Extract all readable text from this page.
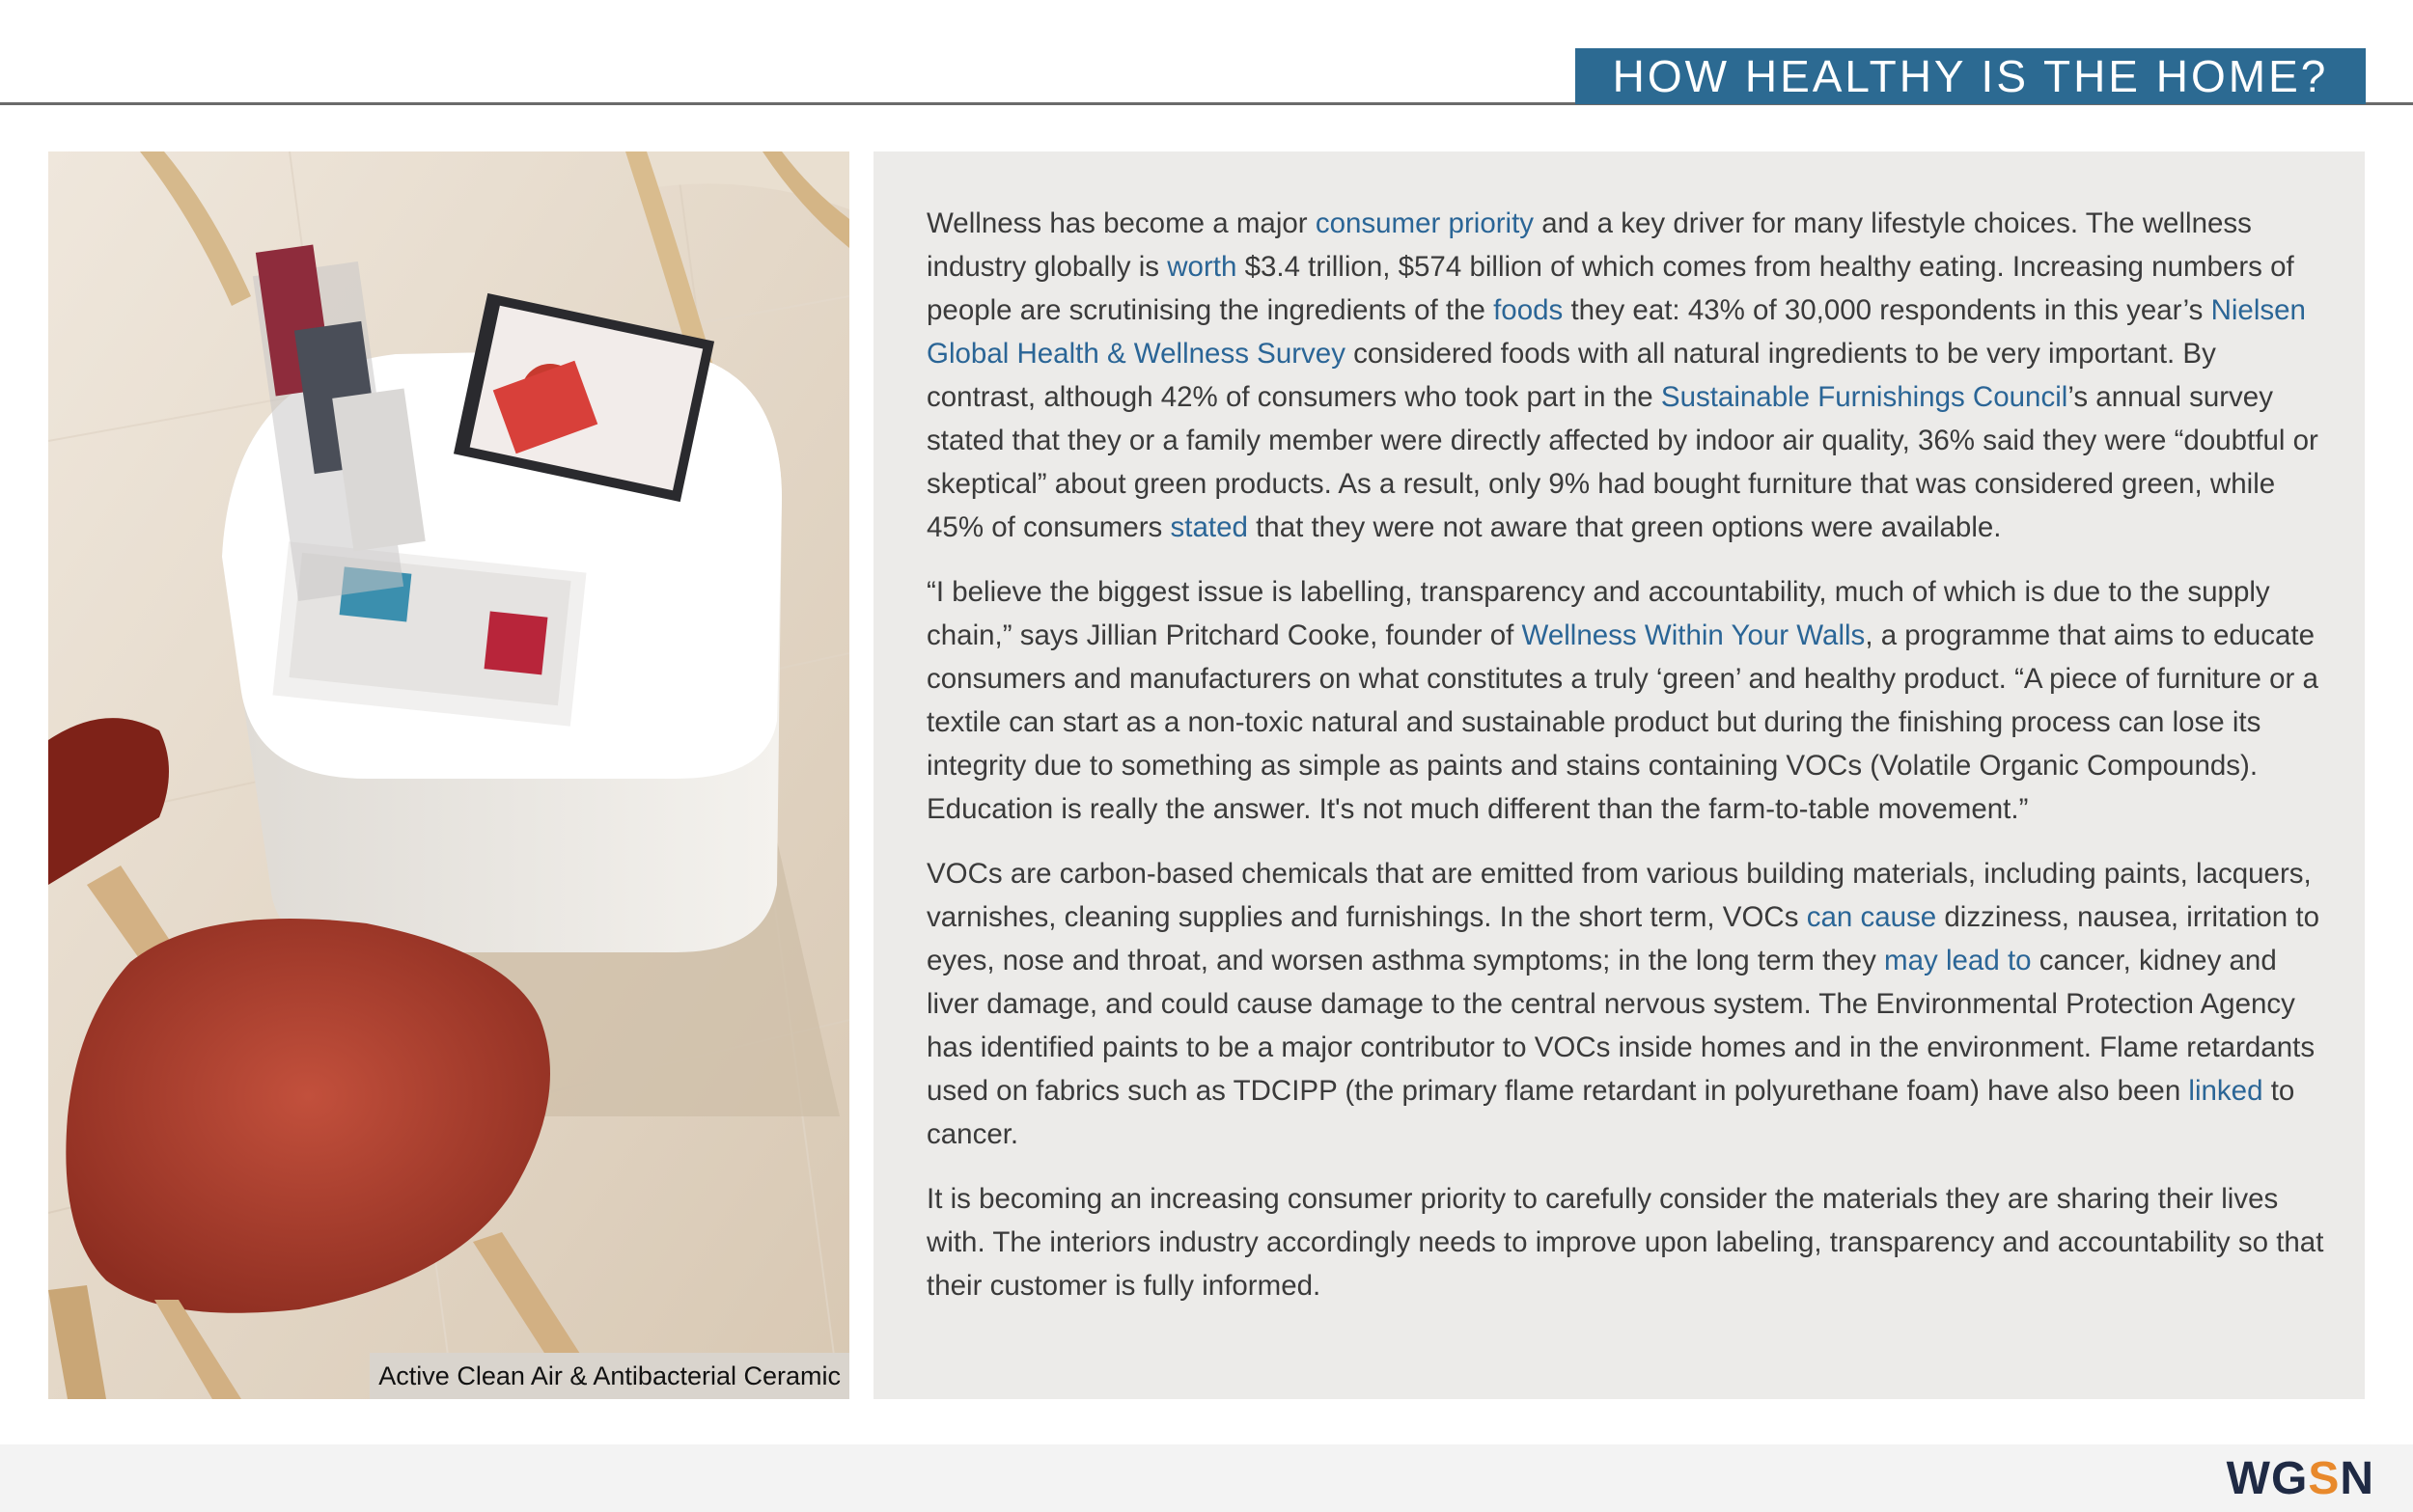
HOW HEALTHY IS THE HOME?
Active Clean Air & Antibacterial Ceramic

Wellness has become a major consumer priority and a key driver for many lifestyle choices. The wellness industry globally is worth $3.4 trillion, $574 billion of which comes from healthy eating. Increasing numbers of people are scrutinising the ingredients of the foods they eat: 43% of 30,000 respondents in this year’s Nielsen Global Health & Wellness Survey considered foods with all natural ingredients to be very important. By contrast, although 42% of consumers who took part in the Sustainable Furnishings Council’s annual survey stated that they or a family member were directly affected by indoor air quality, 36% said they were “doubtful or skeptical” about green products. As a result, only 9% had bought furniture that was considered green, while 45% of consumers stated that they were not aware that green options were available.

“I believe the biggest issue is labelling, transparency and accountability, much of which is due to the supply chain,” says Jillian Pritchard Cooke, founder of Wellness Within Your Walls, a programme that aims to educate consumers and manufacturers on what constitutes a truly ‘green’ and healthy product. “A piece of furniture or a textile can start as a non-toxic natural and sustainable product but during the finishing process can lose its integrity due to something as simple as paints and stains containing VOCs (Volatile Organic Compounds). Education is really the answer. It's not much different than the farm-to-table movement.”

VOCs are carbon-based chemicals that are emitted from various building materials, including paints, lacquers, varnishes, cleaning supplies and furnishings. In the short term, VOCs can cause dizziness, nausea, irritation to eyes, nose and throat, and worsen asthma symptoms; in the long term they may lead to cancer, kidney and liver damage, and could cause damage to the central nervous system. The Environmental Protection Agency has identified paints to be a major contributor to VOCs inside homes and in the environment. Flame retardants used on fabrics such as TDCIPP (the primary flame retardant in polyurethane foam) have also been linked to cancer.

It is becoming an increasing consumer priority to carefully consider the materials they are sharing their lives with. The interiors industry accordingly needs to improve upon labeling, transparency and accountability so that their customer is fully informed.

WG S N
